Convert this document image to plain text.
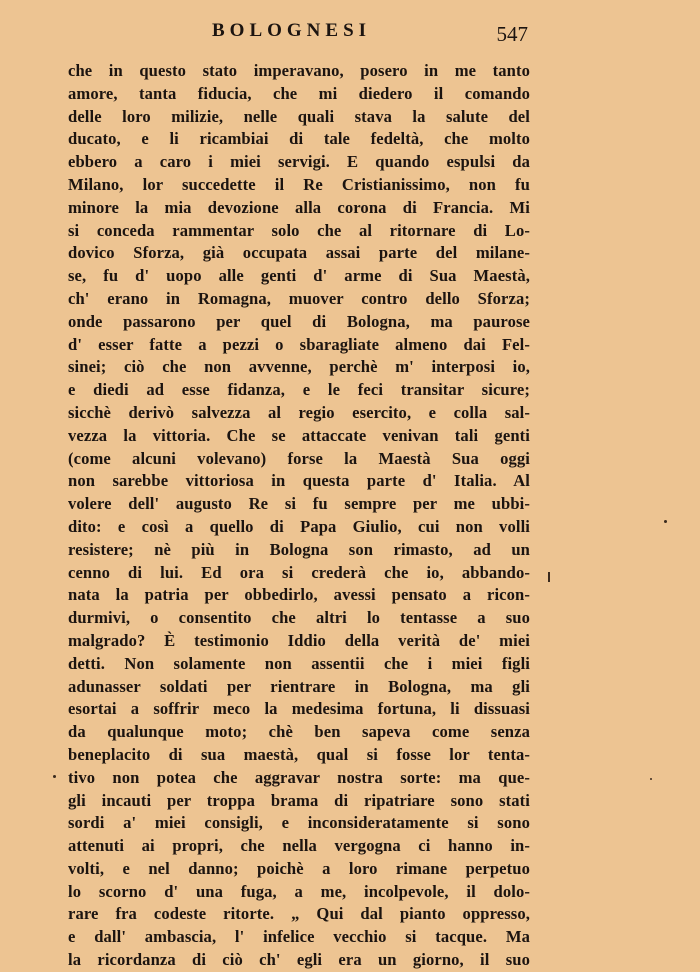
BOLOGNESI	547
che in questo stato imperavano, posero in me tanto
amore, tanta fiducia, che mi diedero il comando
delle loro milizie, nelle quali stava la salute del
ducato, e li ricambiai di tale fedeltà, che molto
ebbero a caro i miei servigi. E quando espulsi da
Milano, lor succedette il Re Cristianissimo, non fu
minore la mia devozione alla corona di Francia. Mi
si conceda rammentar solo che al ritornare di Lo-
dovico Sforza, già occupata assai parte del milane-
se, fu d' uopo alle genti d' arme di Sua Maestà,
ch' erano in Romagna, muover contro dello Sforza;
onde passarono per quel di Bologna, ma paurose
d' esser fatte a pezzi o sbaragliate almeno dai Fel-
sinei; ciò che non avvenne, perchè m' interposi io,
e diedi ad esse fidanza, e le feci transitar sicure;
sicchè derivò salvezza al regio esercito, e colla sal-
vezza la vittoria. Che se attaccate venivan tali genti
(come alcuni volevano) forse la Maestà Sua oggi
non sarebbe vittoriosa in questa parte d' Italia. Al
volere dell' augusto Re si fu sempre per me ubbi-
dito: e così a quello di Papa Giulio, cui non volli
resistere; nè più in Bologna son rimasto, ad un
cenno di lui. Ed ora si crederà che io, abbando-
nata la patria per obbedirlo, avessi pensato a ricon-
durmivi, o consentito che altri lo tentasse a suo
malgrado? È testimonio Iddio della verità de' miei
detti. Non solamente non assentii che i miei figli
adunasser soldati per rientrare in Bologna, ma gli
esortai a soffrir meco la medesima fortuna, li dissuasi
da qualunque moto; chè ben sapeva come senza
beneplacito di sua maestà, qual si fosse lor tenta-
tivo non potea che aggravar nostra sorte: ma que-
gli incauti per troppa brama di ripatriare sono stati
sordi a' miei consigli, e inconsideratamente si sono
attenuti ai propri, che nella vergogna ci hanno in-
volti, e nel danno; poichè a loro rimane perpetuo
lo scorno d' una fuga, a me, incolpevole, il dolo-
rare fra codeste ritorte. „ Qui dal pianto oppresso,
e dall' ambascia, l' infelice vecchio si tacque. Ma
la ricordanza di ciò ch' egli era un giorno, il suo
